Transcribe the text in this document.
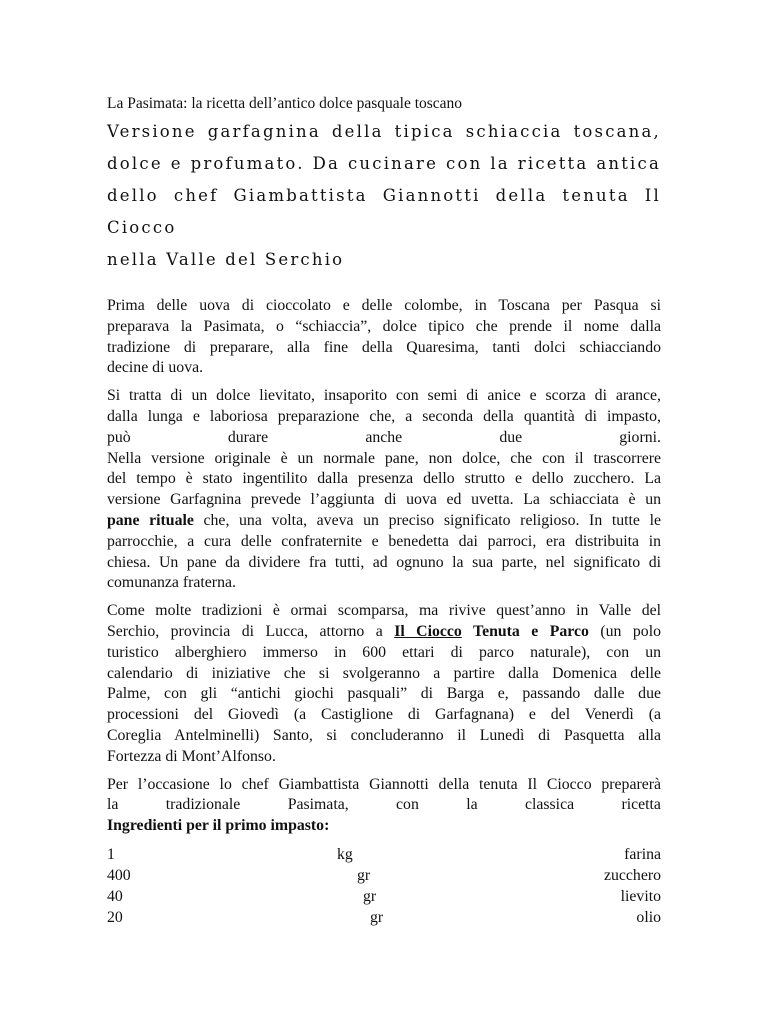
La Pasimata: la ricetta dell’antico dolce pasquale toscano
Versione garfagnina della tipica schiaccia toscana,
dolce e profumato. Da cucinare con la ricetta antica
dello chef Giambattista Giannotti della tenuta Il Ciocco
nella Valle del Serchio
Prima delle uova di cioccolato e delle colombe, in Toscana per Pasqua si
preparava la Pasimata, o “schiaccia”, dolce tipico che prende il nome dalla
tradizione di preparare, alla fine della Quaresima, tanti dolci schiacciando
decine di uova.
Si tratta di un dolce lievitato, insaporito con semi di anice e scorza di arance,
dalla lunga e laboriosa preparazione che, a seconda della quantità di impasto,
può	durare	anche	due	giorni.
Nella versione originale è un normale pane, non dolce, che con il trascorrere
del tempo è stato ingentilito dalla presenza dello strutto e dello zucchero. La
versione Garfagnina prevede l’aggiunta di uova ed uvetta. La schiacciata è un
pane rituale che, una volta, aveva un preciso significato religioso. In tutte le
parrocchie, a cura delle confraternite e benedetta dai parroci, era distribuita in
chiesa. Un pane da dividere fra tutti, ad ognuno la sua parte, nel significato di
comunanza fraterna.
Come molte tradizioni è ormai scomparsa, ma rivive quest’anno in Valle del
Serchio, provincia di Lucca, attorno a Il Ciocco Tenuta e Parco (un polo
turistico alberghiero immerso in 600 ettari di parco naturale), con un
calendario di iniziative che si svolgeranno a partire dalla Domenica delle
Palme, con gli “antichi giochi pasquali” di Barga e, passando dalle due
processioni del Giovedì (a Castiglione di Garfagnana) e del Venerdì (a
Coreglia Antelminelli) Santo, si concluderanno il Lunedì di Pasquetta alla
Fortezza di Mont’Alfonso.
Per l’occasione lo chef Giambattista Giannotti della tenuta Il Ciocco preparerà
la	tradizionale	Pasimata,	con	la	classica	ricetta
Ingredienti per il primo impasto:
1	kg	farina
400	gr	zucchero
40	gr	lievito
20	gr	olio
